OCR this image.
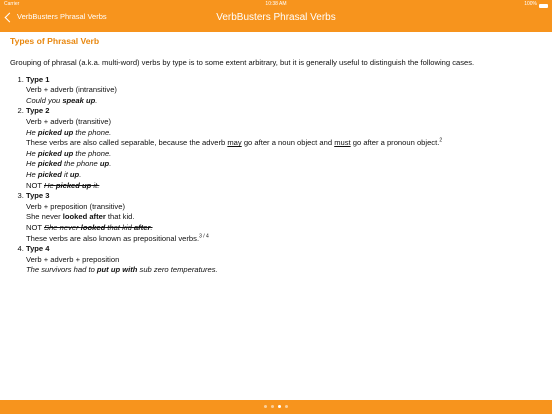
Carrier	10:38 AM	100%
VerbBusters Phrasal Verbs	VerbBusters Phrasal Verbs
Types of Phrasal Verb
Grouping of phrasal (a.k.a. multi-word) verbs by type is to some extent arbitrary, but it is generally useful to distinguish the following cases.
1. Type 1
Verb + adverb (intransitive)
Could you speak up.
2. Type 2
Verb + adverb (transitive)
He picked up the phone.
These verbs are also called separable, because the adverb may go after a noun object and must go after a pronoun object.$^2$
He picked up the phone.
He picked the phone up.
He picked it up.
NOT He picked up it.
3. Type 3
Verb + preposition (transitive)
She never looked after that kid.
NOT She never looked that kid after.
These verbs are also known as prepositional verbs.$^{3 / 4}$
4. Type 4
Verb + adverb + preposition
The survivors had to put up with sub zero temperatures.
